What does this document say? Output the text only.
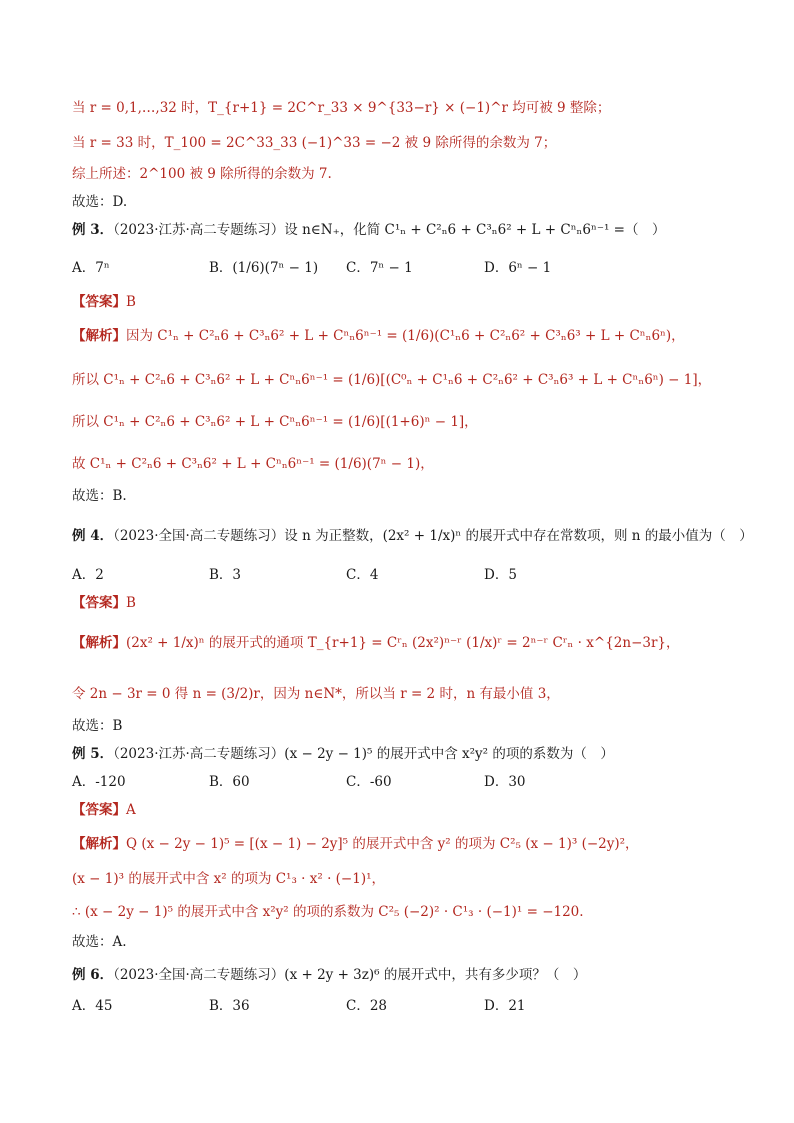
当 r = 0,1,…,32 时，T_{r+1} = 2C^r_33 × 9^{33−r} × (−1)^r 均可被 9 整除；
当 r = 33 时，T_100 = 2C^33_33 (−1)^33 = −2 被 9 除所得的余数为 7；
综上所述：2^100 被 9 除所得的余数为 7.
故选：D.
例 3．（2023·江苏·高二专题练习）设 n∈N₊，化简 C¹ₙ + C²ₙ6 + C³ₙ6² + L + Cⁿₙ6ⁿ⁻¹ =（　）
A．7ⁿ	B．(1/6)(7ⁿ − 1) C．7ⁿ − 1	D．6ⁿ − 1
【答案】B
【解析】因为 C¹ₙ + C²ₙ6 + C³ₙ6² + L + Cⁿₙ6ⁿ⁻¹ = (1/6)(C¹ₙ6 + C²ₙ6² + C³ₙ6³ + L + Cⁿₙ6ⁿ)，
所以 C¹ₙ + C²ₙ6 + C³ₙ6² + L + Cⁿₙ6ⁿ⁻¹ = (1/6)[(C⁰ₙ + C¹ₙ6 + C²ₙ6² + C³ₙ6³ + L + Cⁿₙ6ⁿ) − 1]，
所以 C¹ₙ + C²ₙ6 + C³ₙ6² + L + Cⁿₙ6ⁿ⁻¹ = (1/6)[(1+6)ⁿ − 1]，
故 C¹ₙ + C²ₙ6 + C³ₙ6² + L + Cⁿₙ6ⁿ⁻¹ = (1/6)(7ⁿ − 1)，
故选：B.
例 4．（2023·全国·高二专题练习）设 n 为正整数，(2x² + 1/x)ⁿ 的展开式中存在常数项，则 n 的最小值为（　）
A．2	B．3	C．4	D．5
【答案】B
【解析】(2x² + 1/x)ⁿ 的展开式的通项 T_{r+1} = Cʳₙ (2x²)ⁿ⁻ʳ (1/x)ʳ = 2ⁿ⁻ʳ Cʳₙ · x^{2n−3r}，
令 2n − 3r = 0 得 n = (3/2)r，因为 n∈N*，所以当 r = 2 时，n 有最小值 3，
故选：B
例 5．（2023·江苏·高二专题练习）(x − 2y − 1)⁵ 的展开式中含 x²y² 的项的系数为（　）
A．-120	B．60	C．-60	D．30
【答案】A
【解析】Q (x − 2y − 1)⁵ = [(x − 1) − 2y]⁵ 的展开式中含 y² 的项为 C²₅ (x − 1)³ (−2y)²，
(x − 1)³ 的展开式中含 x² 的项为 C¹₃ · x² · (−1)¹，
∴ (x − 2y − 1)⁵ 的展开式中含 x²y² 的项的系数为 C²₅ (−2)² · C¹₃ · (−1)¹ = −120.
故选：A.
例 6．（2023·全国·高二专题练习）(x + 2y + 3z)⁶ 的展开式中，共有多少项？（　）
A．45	B．36	C．28	D．21
